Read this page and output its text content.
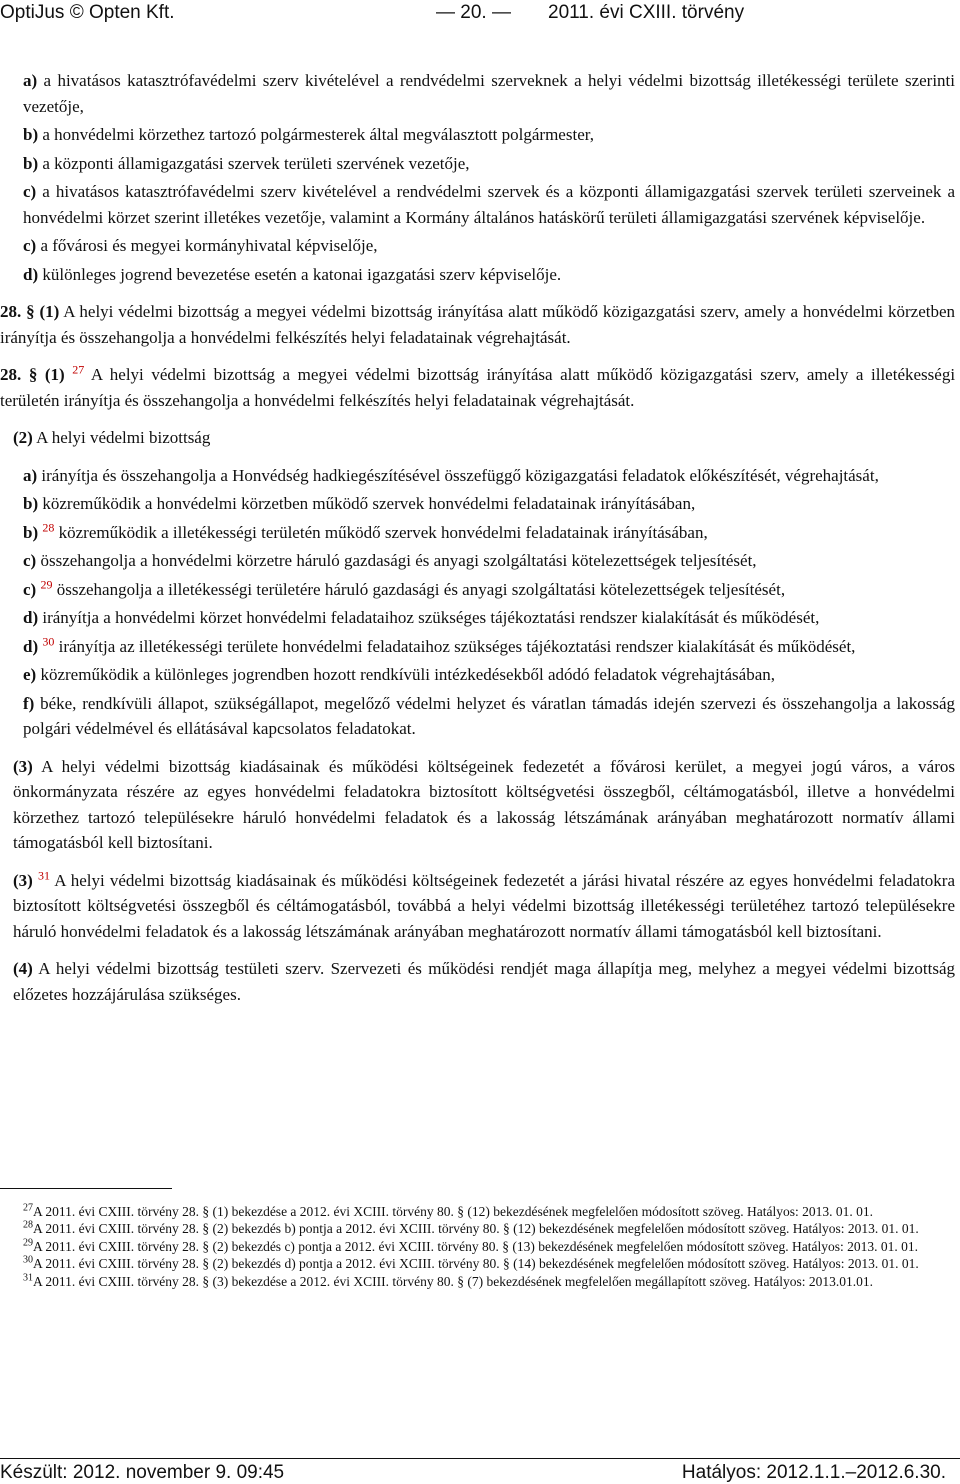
OptiJus © Opten Kft.	— 20. — 2011. évi CXIII. törvény

a) a hivatásos katasztrófavédelmi szerv kivételével a rendvédelmi szerveknek a helyi védelmi bizottság illetékességi területe szerinti vezetője,

b) a honvédelmi körzethez tartozó polgármesterek által megválasztott polgármester,

b) a központi államigazgatási szervek területi szervének vezetője,

c) a hivatásos katasztrófavédelmi szerv kivételével a rendvédelmi szervek és a központi államigazgatási szervek területi szerveinek a honvédelmi körzet szerint illetékes vezetője, valamint a Kormány általános hatáskörű területi államigazgatási szervének képviselője.

c) a fővárosi és megyei kormányhivatal képviselője,

d) különleges jogrend bevezetése esetén a katonai igazgatási szerv képviselője.

28. § (1) A helyi védelmi bizottság a megyei védelmi bizottság irányítása alatt működő közigazgatási szerv, amely a honvédelmi körzetben irányítja és összehangolja a honvédelmi felkészítés helyi feladatainak végrehajtását.

28. § (1) $^{27}$ A helyi védelmi bizottság a megyei védelmi bizottság irányítása alatt működő közigazgatási szerv, amely a illetékességi területén irányítja és összehangolja a honvédelmi felkészítés helyi feladatainak végrehajtását.

(2) A helyi védelmi bizottság

a) irányítja és összehangolja a Honvédség hadkiegészítésével összefüggő közigazgatási feladatok előkészítését, végrehajtását,

b) közreműködik a honvédelmi körzetben működő szervek honvédelmi feladatainak irányításában,

b) $^{28}$ közreműködik a illetékességi területén működő szervek honvédelmi feladatainak irányításában,

c) összehangolja a honvédelmi körzetre háruló gazdasági és anyagi szolgáltatási kötelezettségek teljesítését,

c) $^{29}$ összehangolja a illetékességi területére háruló gazdasági és anyagi szolgáltatási kötelezettségek teljesítését,

d) irányítja a honvédelmi körzet honvédelmi feladataihoz szükséges tájékoztatási rendszer kialakítását és működését,

d) $^{30}$ irányítja az illetékességi területe honvédelmi feladataihoz szükséges tájékoztatási rendszer kialakítását és működését,

e) közreműködik a különleges jogrendben hozott rendkívüli intézkedésekből adódó feladatok végrehajtásában,

f) béke, rendkívüli állapot, szükségállapot, megelőző védelmi helyzet és váratlan támadás idején szervezi és összehangolja a lakosság polgári védelmével és ellátásával kapcsolatos feladatokat.

(3) A helyi védelmi bizottság kiadásainak és működési költségeinek fedezetét a fővárosi kerület, a megyei jogú város, a város önkormányzata részére az egyes honvédelmi feladatokra biztosított költségvetési összegből, céltámogatásból, illetve a honvédelmi körzethez tartozó településekre háruló honvédelmi feladatok és a lakosság létszámának arányában meghatározott normatív állami támogatásból kell biztosítani.

(3) $^{31}$ A helyi védelmi bizottság kiadásainak és működési költségeinek fedezetét a járási hivatal részére az egyes honvédelmi feladatokra biztosított költségvetési összegből és céltámogatásból, továbbá a helyi védelmi bizottság illetékességi területéhez tartozó településekre háruló honvédelmi feladatok és a lakosság létszámának arányában meghatározott normatív állami támogatásból kell biztosítani.

(4) A helyi védelmi bizottság testületi szerv. Szervezeti és működési rendjét maga állapítja meg, melyhez a megyei védelmi bizottság előzetes hozzájárulása szükséges.

$^{27}$A 2011. évi CXIII. törvény 28. § (1) bekezdése a 2012. évi XCIII. törvény 80. § (12) bekezdésének megfelelően módosított szöveg. Hatályos: 2013. 01. 01.

$^{28}$A 2011. évi CXIII. törvény 28. § (2) bekezdés b) pontja a 2012. évi XCIII. törvény 80. § (12) bekezdésének megfelelően módosított szöveg. Hatályos: 2013. 01. 01.

$^{29}$A 2011. évi CXIII. törvény 28. § (2) bekezdés c) pontja a 2012. évi XCIII. törvény 80. § (13) bekezdésének megfelelően módosított szöveg. Hatályos: 2013. 01. 01.

$^{30}$A 2011. évi CXIII. törvény 28. § (2) bekezdés d) pontja a 2012. évi XCIII. törvény 80. § (14) bekezdésének megfelelően módosított szöveg. Hatályos: 2013. 01. 01.

$^{31}$A 2011. évi CXIII. törvény 28. § (3) bekezdése a 2012. évi XCIII. törvény 80. § (7) bekezdésének megfelelően megállapított szöveg. Hatályos: 2013.01.01.

Készült: 2012. november 9. 09:45	Hatályos: 2012.1.1.–2012.6.30.
